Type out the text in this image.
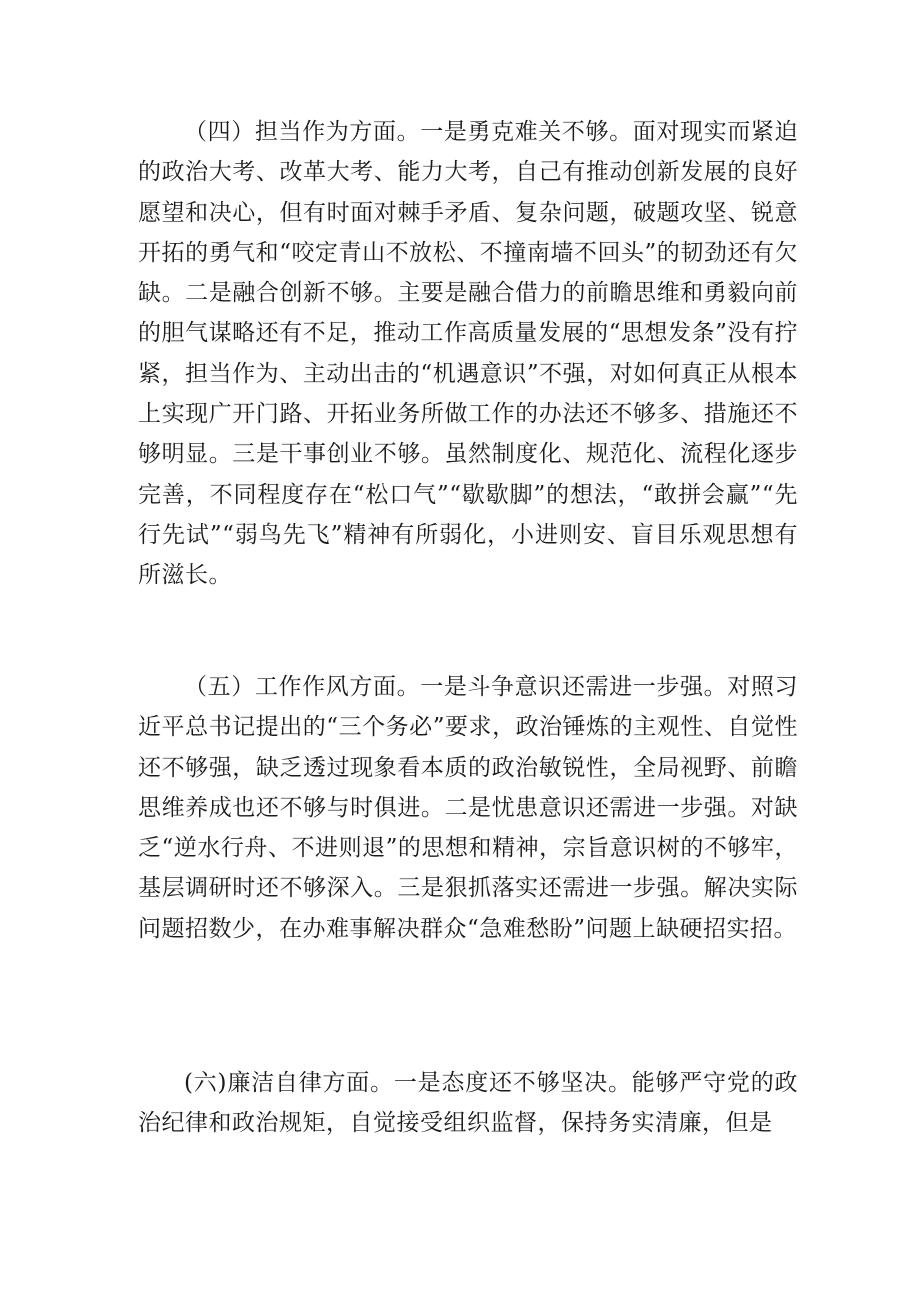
（四）担当作为方面。一是勇克难关不够。面对现实而紧迫的政治大考、改革大考、能力大考，自己有推动创新发展的良好愿望和决心，但有时面对棘手矛盾、复杂问题，破题攻坚、锐意开拓的勇气和“咬定青山不放松、不撞南墙不回头”的韧劲还有欠缺。二是融合创新不够。主要是融合借力的前瞻思维和勇毅向前的胆气谋略还有不足，推动工作高质量发展的“思想发条”没有拧紧，担当作为、主动出击的“机遇意识”不强，对如何真正从根本上实现广开门路、开拓业务所做工作的办法还不够多、措施还不够明显。三是干事创业不够。虽然制度化、规范化、流程化逐步完善，不同程度存在“松口气”“歇歇脚”的想法，“敢拼会赢”“先行先试”“弱鸟先飞”精神有所弱化，小进则安、盲目乐观思想有所滋长。

（五）工作作风方面。一是斗争意识还需进一步强。对照习近平总书记提出的“三个务必”要求，政治锤炼的主观性、自觉性还不够强，缺乏透过现象看本质的政治敏锐性，全局视野、前瞻思维养成也还不够与时俱进。二是忧患意识还需进一步强。对缺乏“逆水行舟、不进则退”的思想和精神，宗旨意识树的不够牢，基层调研时还不够深入。三是狠抓落实还需进一步强。解决实际问题招数少，在办难事解决群众“急难愁盼”问题上缺硬招实招。

(六)廉洁自律方面。一是态度还不够坚决。能够严守党的政治纪律和政治规矩，自觉接受组织监督，保持务实清廉，但是
